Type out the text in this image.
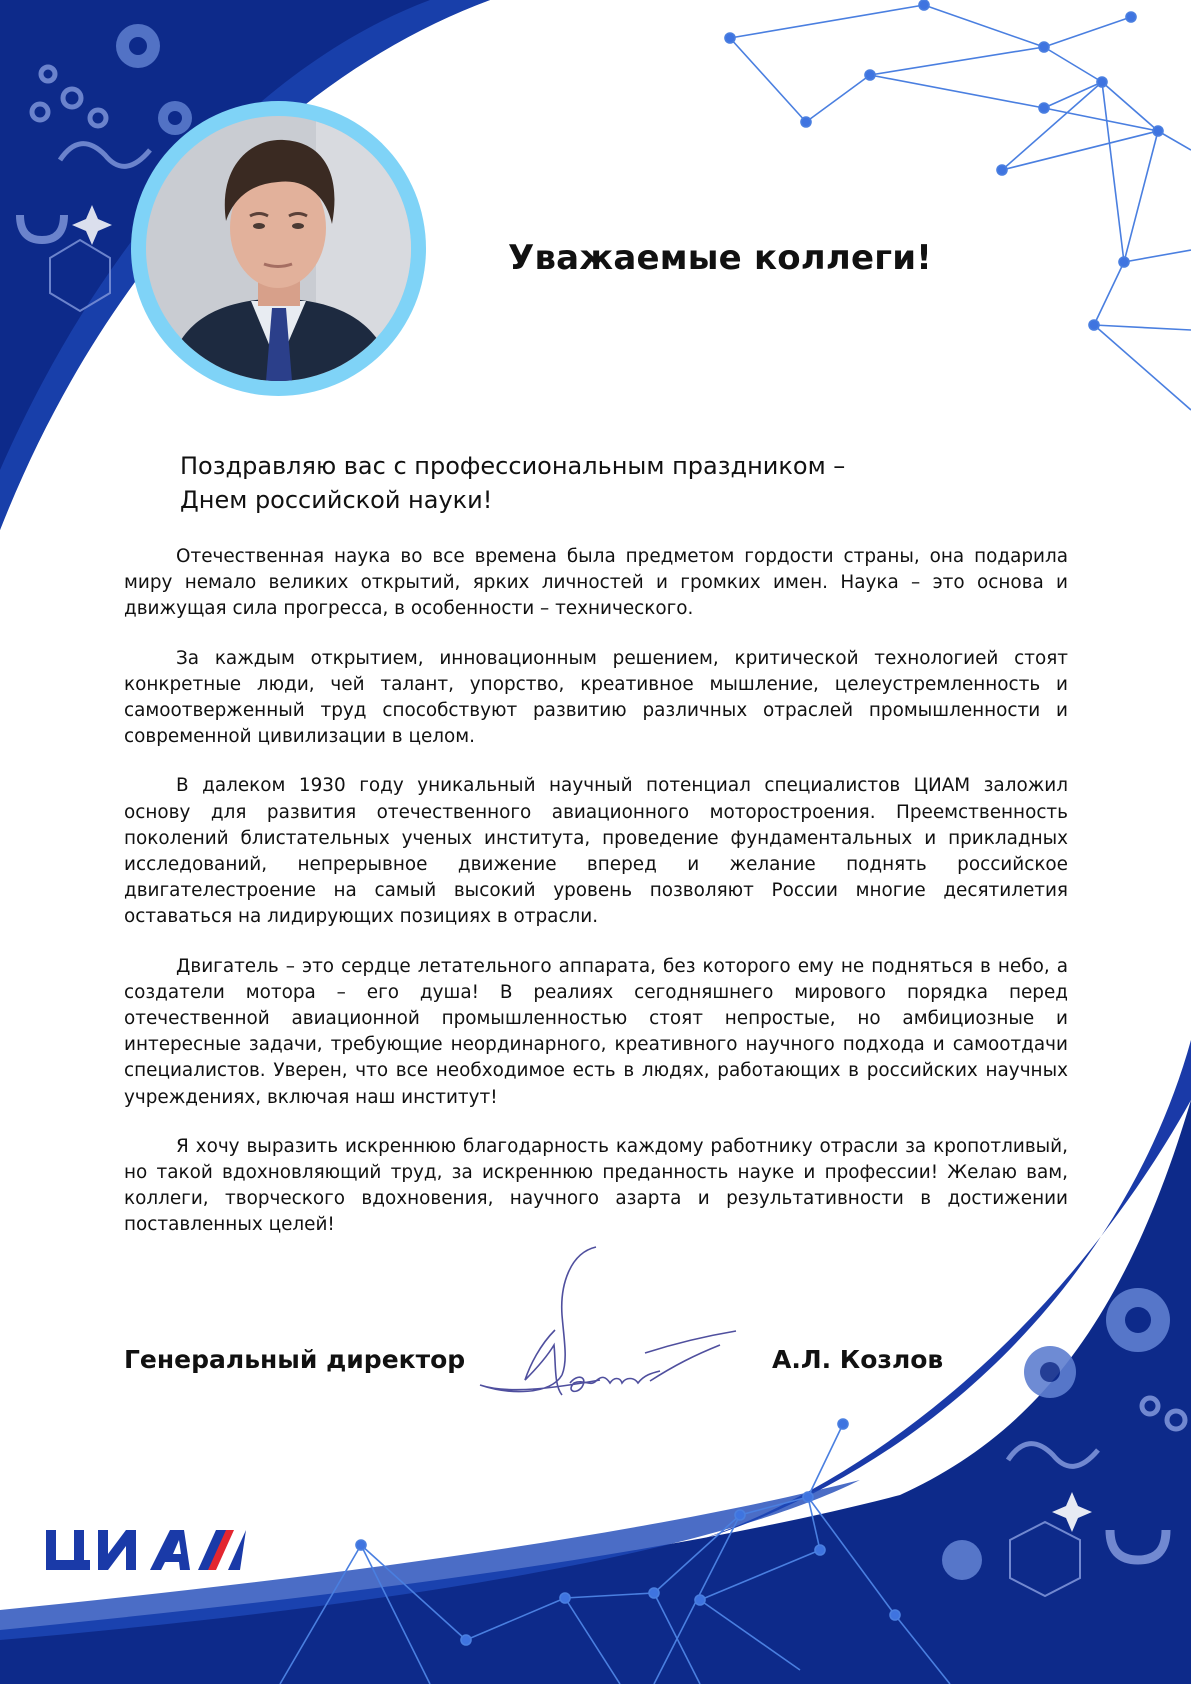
Уважаемые коллеги!
Поздравляю вас с профессиональным праздником –
Днем российской науки!

Отечественная наука во все времена была предметом гордости страны, она подарила миру немало великих открытий, ярких личностей и громких имен. Наука – это основа и движущая сила прогресса, в особенности – технического.

За каждым открытием, инновационным решением, критической технологией стоят конкретные люди, чей талант, упорство, креативное мышление, целеустремленность и самоотверженный труд способствуют развитию различных отраслей промышленности и современной цивилизации в целом.

В далеком 1930 году уникальный научный потенциал специалистов ЦИАМ заложил основу для развития отечественного авиационного моторостроения. Преемственность поколений блистательных ученых института, проведение фундаментальных и прикладных исследований, непрерывное движение вперед и желание поднять российское двигателестроение на самый высокий уровень позволяют России многие десятилетия оставаться на лидирующих позициях в отрасли.

Двигатель – это сердце летательного аппарата, без которого ему не подняться в небо, а создатели мотора – его душа! В реалиях сегодняшнего мирового порядка перед отечественной авиационной промышленностью стоят непростые, но амбициозные и интересные задачи, требующие неординарного, креативного научного подхода и самоотдачи специалистов. Уверен, что все необходимое есть в людях, работающих в российских научных учреждениях, включая наш институт!

Я хочу выразить искреннюю благодарность каждому работнику отрасли за кропотливый, но такой вдохновляющий труд, за искреннюю преданность науке и профессии! Желаю вам, коллеги, творческого вдохновения, научного азарта и результативности в достижении поставленных целей!

Генеральный директор	А.Л. Козлов
